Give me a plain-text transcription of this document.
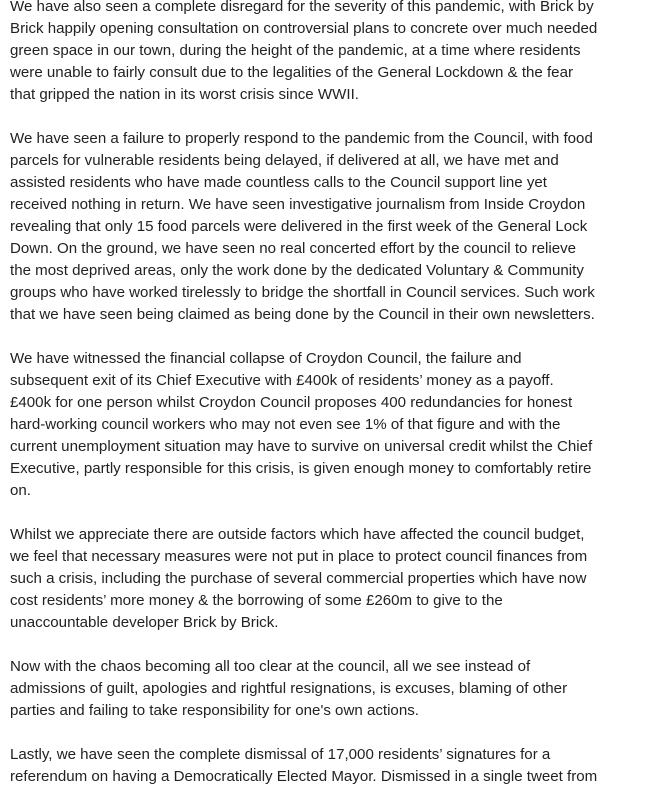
We have also seen a complete disregard for the severity of this pandemic, with Brick by
Brick happily opening consultation on controversial plans to concrete over much needed
green space in our town, during the height of the pandemic, at a time where residents
were unable to fairly consult due to the legalities of the General Lockdown & the fear
that gripped the nation in its worst crisis since WWII.

We have seen a failure to properly respond to the pandemic from the Council, with food
parcels for vulnerable residents being delayed, if delivered at all, we have met and
assisted residents who have made countless calls to the Council support line yet
received nothing in return. We have seen investigative journalism from Inside Croydon
revealing that only 15 food parcels were delivered in the first week of the General Lock
Down. On the ground, we have seen no real concerted effort by the council to relieve
the most deprived areas, only the work done by the dedicated Voluntary & Community
groups who have worked tirelessly to bridge the shortfall in Council services. Such work
that we have seen being claimed as being done by the Council in their own newsletters.

We have witnessed the financial collapse of Croydon Council, the failure and
subsequent exit of its Chief Executive with £400k of residents’ money as a payoff.
£400k for one person whilst Croydon Council proposes 400 redundancies for honest
hard-working council workers who may not even see 1% of that figure and with the
current unemployment situation may have to survive on universal credit whilst the Chief
Executive, partly responsible for this crisis, is given enough money to comfortably retire
on.

Whilst we appreciate there are outside factors which have affected the council budget,
we feel that necessary measures were not put in place to protect council finances from
such a crisis, including the purchase of several commercial properties which have now
cost residents’ more money & the borrowing of some £260m to give to the
unaccountable developer Brick by Brick.

Now with the chaos becoming all too clear at the council, all we see instead of
admissions of guilt, apologies and rightful resignations, is excuses, blaming of other
parties and failing to take responsibility for one's own actions.

Lastly, we have seen the complete dismissal of 17,000 residents’ signatures for a
referendum on having a Democratically Elected Mayor. Dismissed in a single tweet from
